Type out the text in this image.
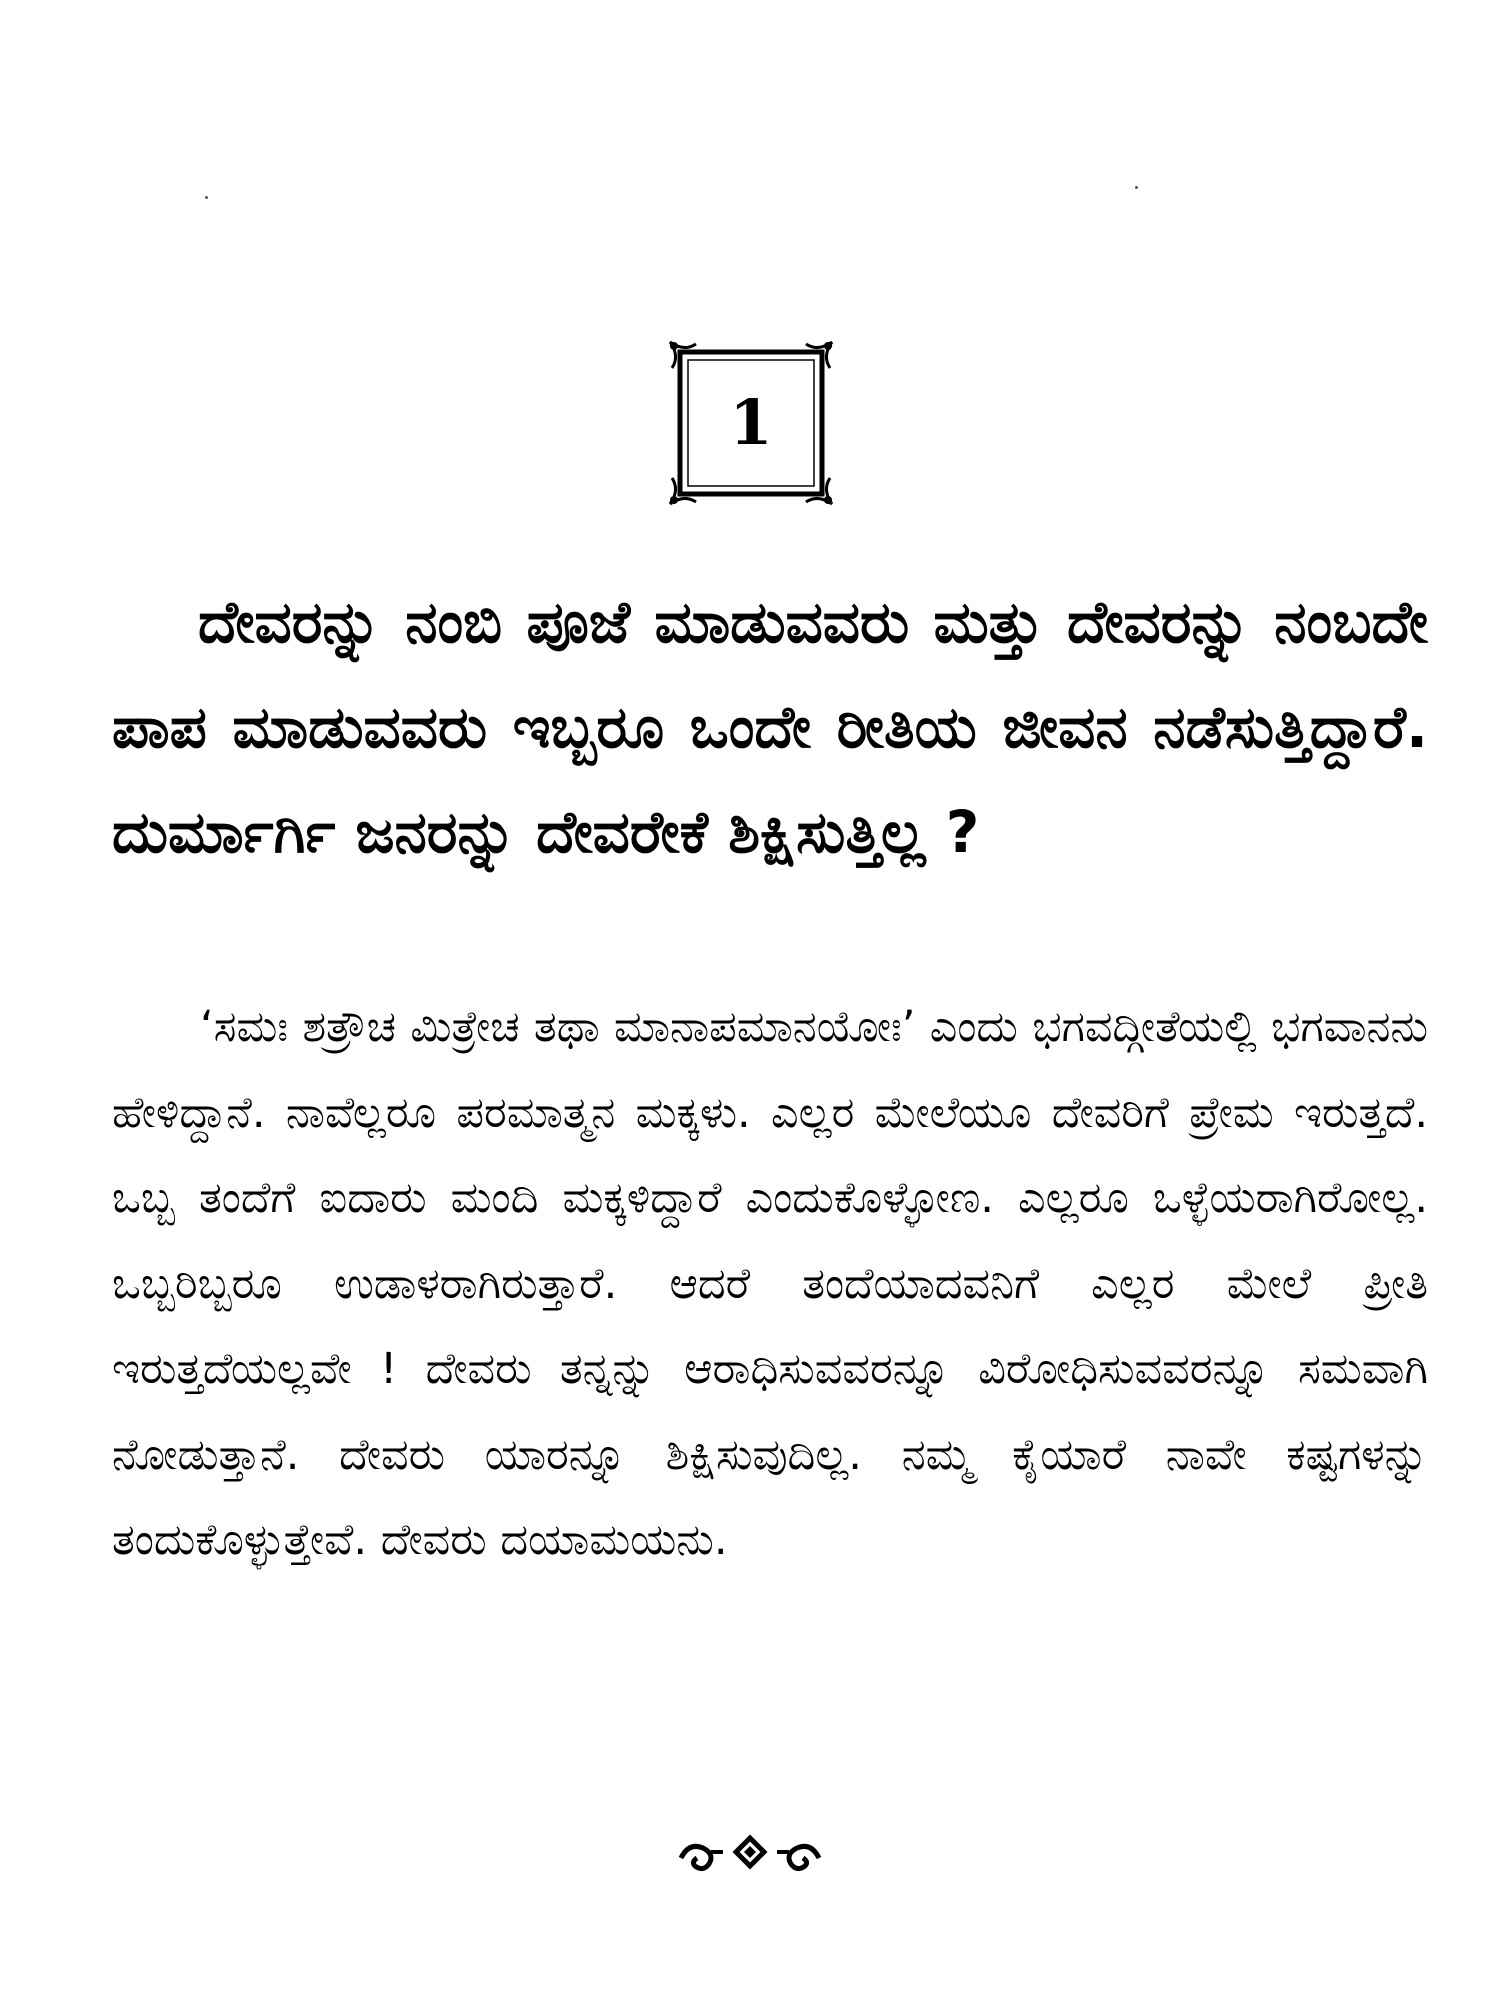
1

ದೇವರನ್ನು ನಂಬಿ ಪೂಜೆ ಮಾಡುವವರು ಮತ್ತು ದೇವರನ್ನು ನಂಬದೇ ಪಾಪ ಮಾಡುವವರು ಇಬ್ಬರೂ ಒಂದೇ ರೀತಿಯ ಜೀವನ ನಡೆಸುತ್ತಿದ್ದಾರೆ. ದುರ್ಮಾರ್ಗಿ ಜನರನ್ನು ದೇವರೇಕೆ ಶಿಕ್ಷಿಸುತ್ತಿಲ್ಲ ?

‘ಸಮಃ ಶತ್ರೌಚ ಮಿತ್ರೇಚ ತಥಾ ಮಾನಾಪಮಾನಯೋಃ’ ಎಂದು ಭಗವದ್ಗೀತೆಯಲ್ಲಿ ಭಗವಾನನು ಹೇಳಿದ್ದಾನೆ. ನಾವೆಲ್ಲರೂ ಪರಮಾತ್ಮನ ಮಕ್ಕಳು. ಎಲ್ಲರ ಮೇಲೆಯೂ ದೇವರಿಗೆ ಪ್ರೇಮ ಇರುತ್ತದೆ. ಒಬ್ಬ ತಂದೆಗೆ ಐದಾರು ಮಂದಿ ಮಕ್ಕಳಿದ್ದಾರೆ ಎಂದುಕೊಳ್ಳೋಣ. ಎಲ್ಲರೂ ಒಳ್ಳೆಯರಾಗಿರೋಲ್ಲ. ಒಬ್ಬರಿಬ್ಬರೂ ಉಡಾಳರಾಗಿರುತ್ತಾರೆ. ಆದರೆ ತಂದೆಯಾದವನಿಗೆ ಎಲ್ಲರ ಮೇಲೆ ಪ್ರೀತಿ ಇರುತ್ತದೆಯಲ್ಲವೇ ! ದೇವರು ತನ್ನನ್ನು ಆರಾಧಿಸುವವರನ್ನೂ ವಿರೋಧಿಸುವವರನ್ನೂ ಸಮವಾಗಿ ನೋಡುತ್ತಾನೆ. ದೇವರು ಯಾರನ್ನೂ ಶಿಕ್ಷಿಸುವುದಿಲ್ಲ. ನಮ್ಮ ಕೈಯಾರೆ ನಾವೇ ಕಷ್ಟಗಳನ್ನು ತಂದುಕೊಳ್ಳುತ್ತೇವೆ. ದೇವರು ದಯಾಮಯನು.
